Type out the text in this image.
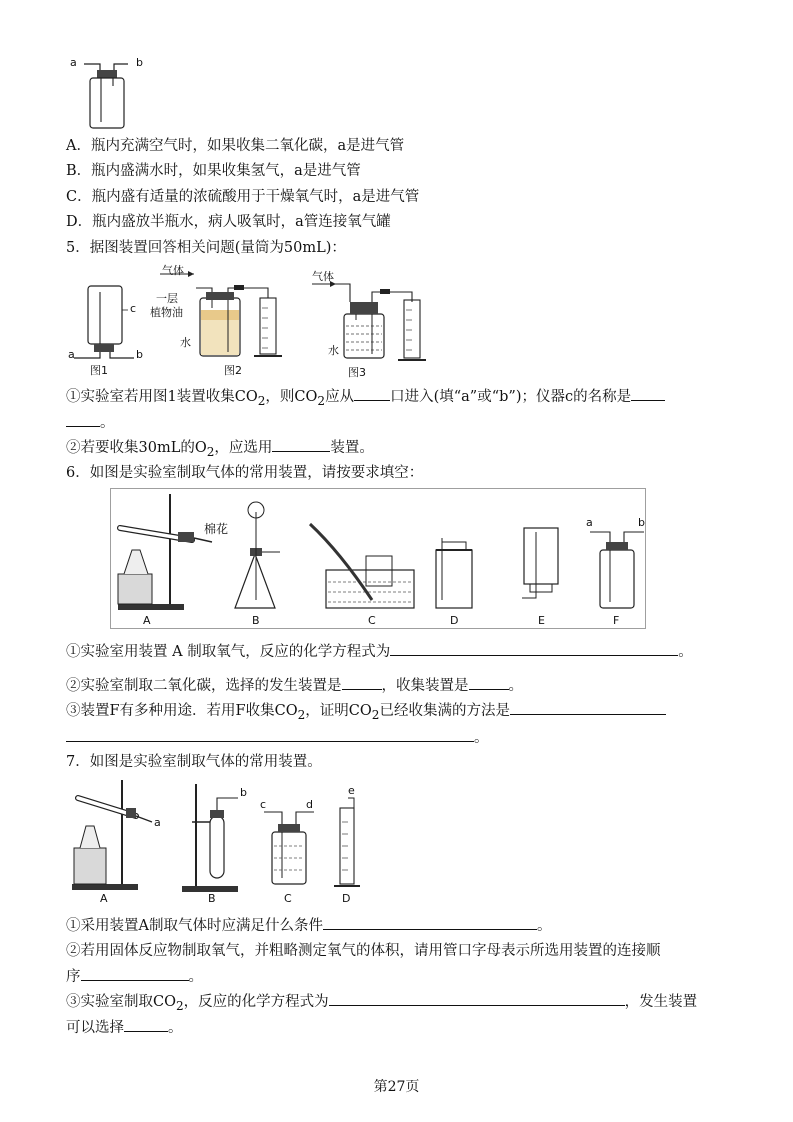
a	b
A．瓶内充满空气时，如果收集二氧化碳，a是进气管
B．瓶内盛满水时，如果收集氢气，a是进气管
C．瓶内盛有适量的浓硫酸用于干燥氧气时，a是进气管
D．瓶内盛放半瓶水，病人吸氧时，a管连接氧气罐
5．据图装置回答相关问题(量筒为50mL)：
c
a	b
图1
气体
一层
植物油
水
图2
气体
水
图3
①实验室若用图1装置收集$CO_2$，则$CO_2$应从 口进入(填“a”或“b”)；仪器c的名称是
。
②若要收集30mL的$O_2$，应选用	装置。
6．如图是实验室制取气体的常用装置，请按要求填空：
棉花
A	B	C	D	E	F
a	b
①实验室用装置 A 制取氧气，反应的化学方程式为	。
②实验室制取二氧化碳，选择的发生装置是	，收集装置是	。
③装置F有多种用途．若用F收集$CO_2$，证明$CO_2$已经收集满的方法是
。
7．如图是实验室制取气体的常用装置。
a
b
c	d
e
A	B	C	D
①采用装置A制取气体时应满足什么条件	。
②若用固体反应物制取氧气，并粗略测定氧气的体积，请用管口字母表示所选用装置的连接顺
序	。
③实验室制取$CO_2$，反应的化学方程式为	，发生装置
可以选择	。
第27页
